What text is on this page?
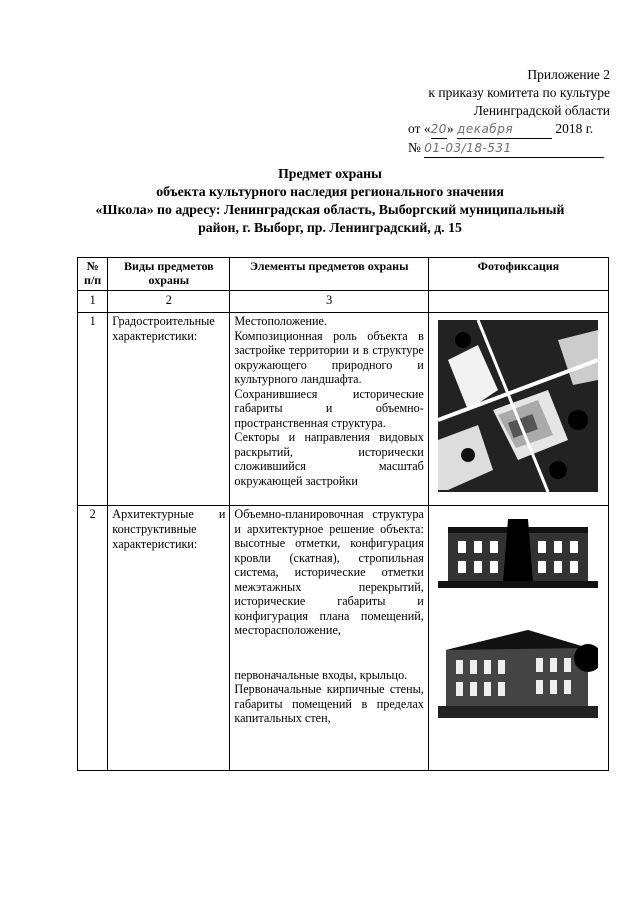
Приложение 2
к приказу комитета по культуре
Ленинградской области
от «20» декабря	2018 г.
№ 01-03/18-531
Предмет охраны
объекта культурного наследия регионального значения
«Школа» по адресу: Ленинградская область, Выборгский муниципальный
район, г. Выборг, пр. Ленинградский, д. 15
№ п/п	Виды предметов охраны	Элементы предметов охраны	Фотофиксация
1	2	3	
1	Градостроительные характеристики:	Местоположение.
Композиционная роль объекта в застройке территории и в структуре окружающего природного и культурного ландшафта.
Сохранившиеся исторические габариты и объемно-пространственная структура.
Секторы и направления видовых раскрытий, исторически сложившийся масштаб окружающей застройки

2	Архитектурные и конструктивные характеристики:	Объемно-планировочная структура и архитектурное решение объекта: высотные отметки, конфигурация кровли (скатная), стропильная система, исторические отметки межэтажных перекрытий, исторические габариты и конфигурация плана помещений, месторасположение,
первоначальные входы, крыльцо.
Первоначальные кирпичные стены, габариты помещений в пределах капитальных стен,
